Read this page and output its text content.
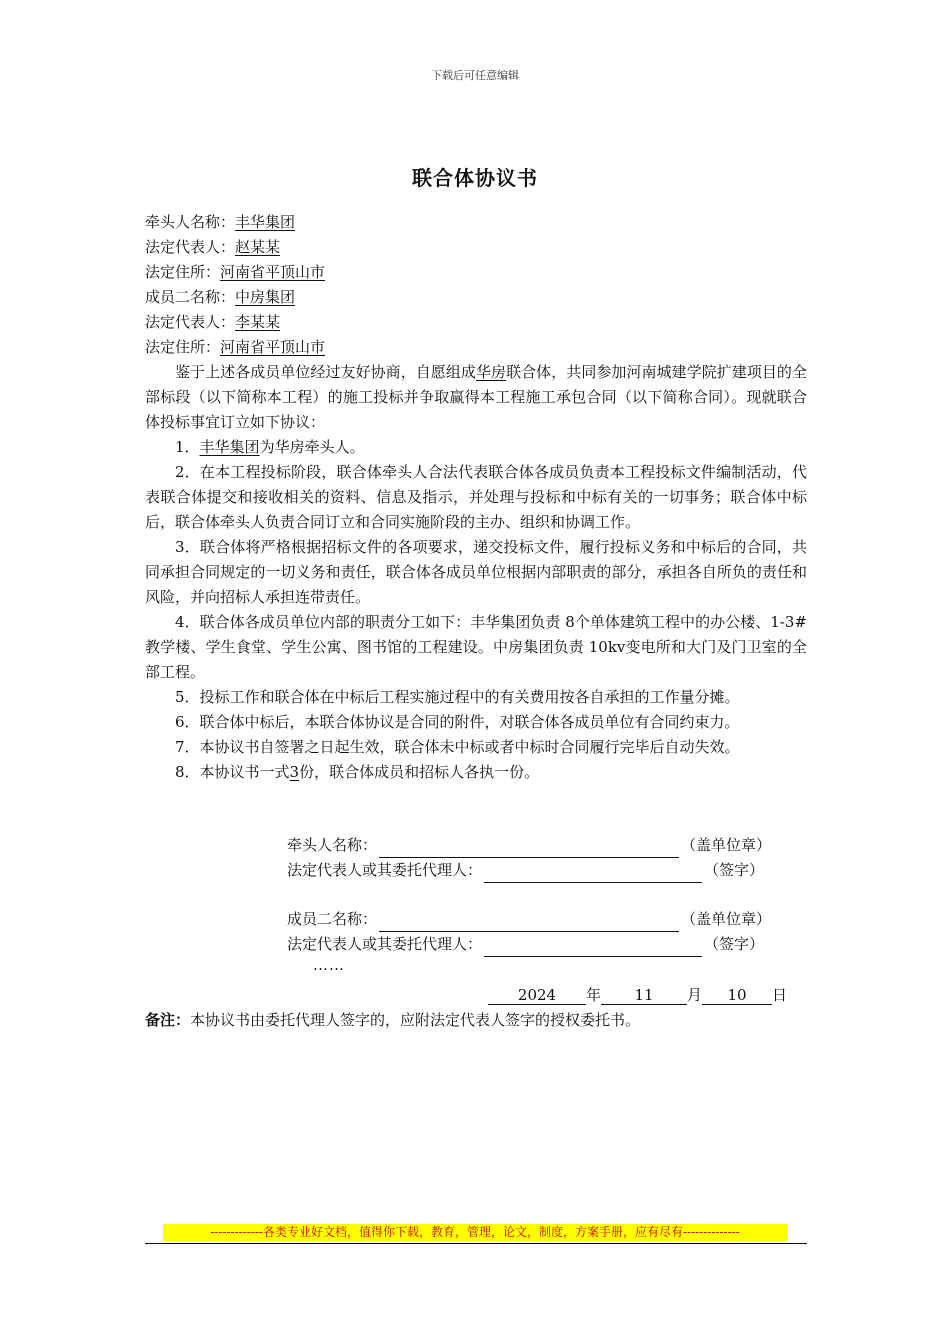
下载后可任意编辑
联合体协议书
牵头人名称：丰华集团
法定代表人：赵某某
法定住所：河南省平顶山市
成员二名称：中房集团
法定代表人：李某某
法定住所：河南省平顶山市

鉴于上述各成员单位经过友好协商，自愿组成华房联合体，共同参加河南城建学院扩建项目的全部标段（以下简称本工程）的施工投标并争取赢得本工程施工承包合同（以下简称合同）。现就联合体投标事宜订立如下协议：

1．丰华集团为华房牵头人。

2．在本工程投标阶段，联合体牵头人合法代表联合体各成员负责本工程投标文件编制活动，代表联合体提交和接收相关的资料、信息及指示，并处理与投标和中标有关的一切事务；联合体中标后，联合体牵头人负责合同订立和合同实施阶段的主办、组织和协调工作。

3．联合体将严格根据招标文件的各项要求，递交投标文件，履行投标义务和中标后的合同，共同承担合同规定的一切义务和责任，联合体各成员单位根据内部职责的部分，承担各自所负的责任和风险，并向招标人承担连带责任。

4．联合体各成员单位内部的职责分工如下：丰华集团负责 8个单体建筑工程中的办公楼、1-3#教学楼、学生食堂、学生公寓、图书馆的工程建设。中房集团负责 10kv变电所和大门及门卫室的全部工程。

5．投标工作和联合体在中标后工程实施过程中的有关费用按各自承担的工作量分摊。

6．联合体中标后，本联合体协议是合同的附件，对联合体各成员单位有合同约束力。

7．本协议书自签署之日起生效，联合体未中标或者中标时合同履行完毕后自动失效。

8．本协议书一式3份，联合体成员和招标人各执一份。

牵头人名称：	（盖单位章）
法定代表人或其委托代理人：	（签字）
成员二名称：	（盖单位章）
法定代表人或其委托代理人：	（签字）
……
2024 年 11 月 10 日
备注：本协议书由委托代理人签字的，应附法定代表人签字的授权委托书。
-------------各类专业好文档，值得你下载，教育，管理，论文，制度，方案手册，应有尽有--------------
